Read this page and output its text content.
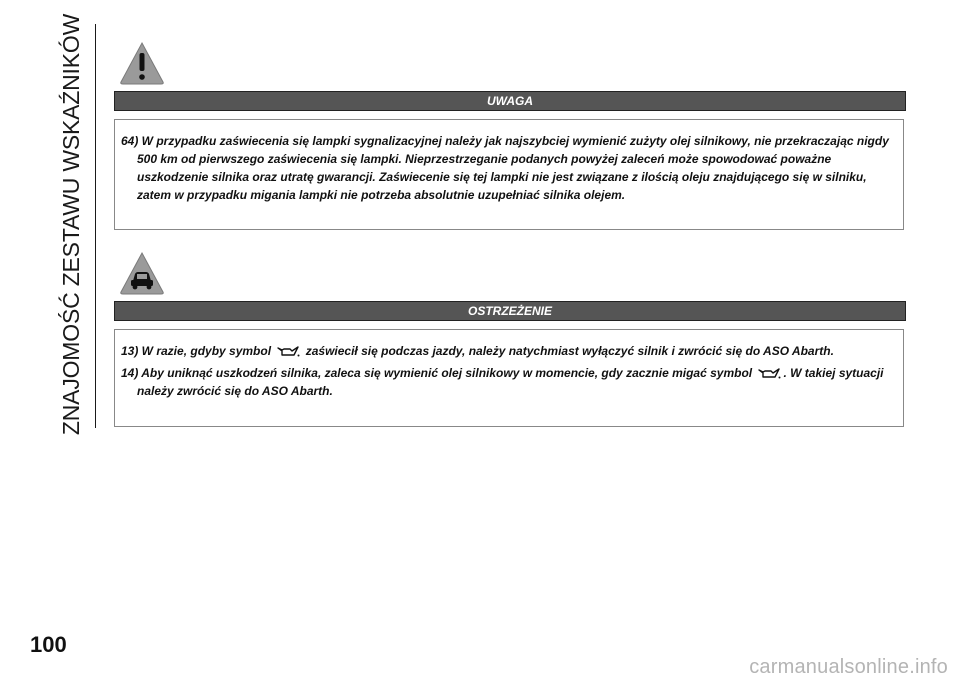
ZNAJOMOŚĆ ZESTAWU WSKAŹNIKÓW	UWAGA

64) W przypadku zaświecenia się lampki sygnalizacyjnej należy jak najszybciej wymienić zużyty olej silnikowy, nie przekraczając nigdy 500 km od pierwszego zaświecenia się lampki. Nieprzestrzeganie podanych powyżej zaleceń może spowodować poważne uszkodzenie silnika oraz utratę gwarancji. Zaświecenie się tej lampki nie jest związane z ilością oleju znajdującego się w silniku, zatem w przypadku migania lampki nie potrzeba absolutnie uzupełniać silnika olejem.

OSTRZEŻENIE

13) W razie, gdyby symbol	zaświecił się podczas jazdy, należy natychmiast wyłączyć silnik i zwrócić się do ASO Abarth.

14) Aby uniknąć uszkodzeń silnika, zaleca się wymienić olej silnikowy w momencie, gdy zacznie migać symbol	. W takiej sytuacji należy zwrócić się do ASO Abarth.

100
carmanualsonline.info
